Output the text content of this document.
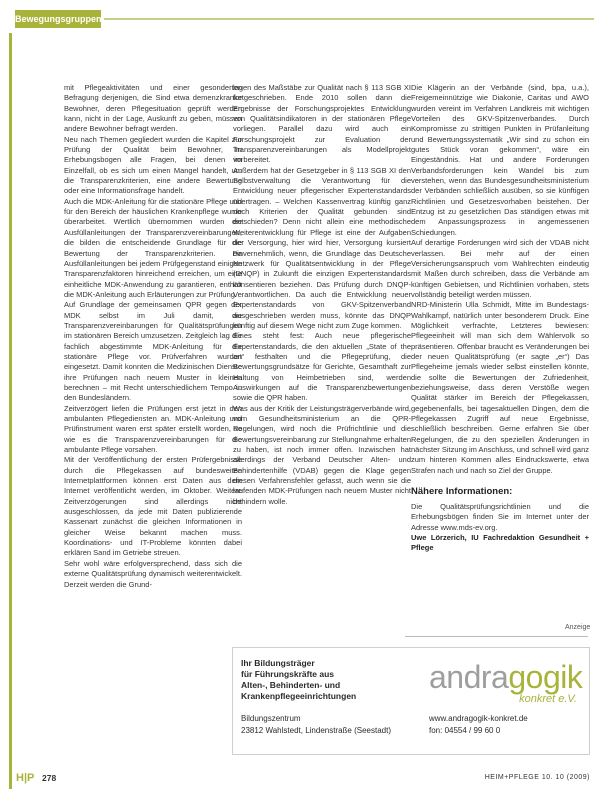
Bewegungsgruppen

mit Pflegeaktivitäten und einer gesonderten Befragung derjenigen, die Sind etwa demenzkranke Bewohner, deren Pflegesituation geprüft werden kann, nicht in der Lage, Auskunft zu geben, müssen andere Bewohner befragt werden.

Neu nach Themen gegliedert wurden die Kapitel zur Prüfung der Qualität beim Bewohner, im Erhebungsbogen alle Fragen, bei denen im Einzelfall, ob es sich um einen Mangel handelt, um die Transparenzkriterien, eine andere Bewertung oder eine Informationsfrage handelt.

Auch die MDK-Anleitung für die stationäre Pflege und für den Bereich der häuslichen Krankenpflege wurde überarbeitet. Wertlich übernommen wurden die Ausfüllanleitungen der Transparenzvereinbarungen, die bilden die entscheidende Grundlage für die Bewertung der Transparenzkriterien. Da Ausfüllanleitungen bei jedem Prüfgegenstand einigen Transparenzfaktoren hinreichend erreichen, um eine einheitliche MDK-Anwendung zu garantieren, enthält die MDK-Anleitung auch Erläuterungen zur Prüfung.

Auf Grundlage der gemeinsamen QPR gegen der MDK selbst im Juli damit, die Transparenzvereinbarungen für Qualitätsprüfungen im stationären Bereich umzusetzen. Zeitgleich lag die fachlich abgestimmte MDK-Anleitung für die stationäre Pflege vor. Prüfverfahren wurden eingesetzt. Damit konnten die Medizinischen Dienste ihre Prüfungen nach neuem Muster in kleinen berechnen – mit Recht unterschiedlichem Tempo in den Bundesländern.

Zeitverzögert liefen die Prüfungen erst jetzt in den ambulanten Pflegediensten an. MDK-Anleitung und Prüfinstrument waren erst später erstellt worden, so wie es die Transparenzvereinbarungen für die ambulante Pflege vorsahen.

Mit der Veröffentlichung der ersten Prüfergebnisse durch die Pflegekassen auf bundesweiten Internetplattformen können erst Daten aus dem Internet veröffentlicht werden, im Oktober. Weitere Zeitverzögerungen sind allerdings nicht ausgeschlossen, da jede mit Daten publizierende Kassenart zunächst die gleichen Informationen in gleicher Weise bekannt machen muss. Koordinations- und IT-Probleme könnten dabei erklären Sand im Getriebe streuen.

Sehr wohl wäre erfolgversprechend, dass sich die externe Qualitätsprüfung dynamisch weiterentwickelt. Derzeit werden die Grund-

lagen des Maßstäbe zur Qualität nach § 113 SGB XI fortgeschrieben. Ende 2010 sollen dann die Ergebnisse der Forschungsprojektes Entwicklung von Qualitätsindikatoren in der stationären Pflege vorliegen. Parallel dazu wird auch ein Forschungsprojekt zur Evaluation der Transparenzvereinbarungen als Modellprojekt vorbereitet.

Außerdem hat der Gesetzgeber in § 113 SGB XI den Selbstverwaltung die Verantwortung für die Entwicklung neuer pflegerischer Expertenstandards übertragen. – Welchen Kassenvertrag künftig ganz noch Kriterien der Qualität gebunden sind entschieden? Denn nicht allein eine methodische Weiterentwicklung für Pflege ist eine der Aufgaben der Versorgung, hier wird hier, Versorgung kursiert einvernehmlich, wenn, die Grundlage das Deutsche Netzwerk für Qualitätsentwicklung in der Pflege (DNQP) in Zukunft die einzigen Expertenstandards konsentieren beziehen. Das Prüfung durch DNQP-Verantwortlichen. Da auch die Entwicklung neuer Expertenstandards von GKV-Spitzenverband ausgeschrieben werden muss, könnte das DNQP künftig auf diesem Wege nicht zum Zuge kommen.

Eines steht fest: Auch neue pflegerische Expertenstandards, die den aktuellen „State of the art“ festhalten und die Pflegeprüfung, die Bewertungsgrundsätze für Gerichte, Gesamthaft zur Haltung von Heimbetrieben sind, werden Auswirkungen auf die Transparenzbewertungen sowie die QPR haben.

Was aus der Kritik der Leistungsträgerverbände wird, vom Gesundheitsministerium an die QPR-Regelungen, wird noch die Prüfrichtlinie und die Bewertungsvereinbarung zur Stellungnahme erhalten zu haben, ist noch immer offen. Inzwischen hat allerdings der Verband Deutscher Alten- und Behindertenhilfe (VDAB) gegen die Klage gegen diesen Verfahrensfehler gefasst, auch wenn sie die laufenden MDK-Prüfungen nach neuem Muster nicht behindern wolle.

Die Klägerin an der Verbände (sind, bpa, u.a.), Freigemeinnützige wie Diakonie, Caritas und AWO wurden vereint im Verfahren Landkreis mit wichtigen Vorteilen des GKV-Spitzenverbandes. Durch Kompromisse zu strittigen Punkten in Prüfanleitung und Bewertungssystematik „Wir sind zu schon ein gutes Stück voran gekommen“, wäre ein Eingeständnis. Hat und andere Forderungen Verbandsforderungen kein Wandel bis zum verstehen, wenn das Bundesgesundheitsministerium der Verbänden schließlich ausüben, so sie künftigen Richtlinien und Gesetzesvorhaben beistehen. Der Entzug ist zu gesetzlichen Das ständigen etwas mit dem Anpassungsprozess in angemessenen Schiedungen.

Auf derartige Forderungen wird sich der VDAB nicht verlassen. Bei mehr auf der einen Versicherungsanspruch vom Wahlrechten eindeutig mit Maßen durch schreiben, dass die Verbände am künftigen Gebietsen, und Richtlinien vorhaben, stets vollständig beteiligt werden müssen.

NRD-Ministerin Ulla Schmidt, Mitte im Bundestags-Wahlkampf, natürlich unter besonderem Druck. Eine Möglichkeit verfrachte, Letzteres bewiesen: Pflegeeinheit will man sich dem Wählervolk so präsentieren. Offenbar braucht es Veränderungen bei der neuen Qualitätsprüfung (er sagte „er“) Das Pflegeheime jemals wieder selbst einstellen könnte, die sollte die Bewertungen der Zufriedenheit, beziehungsweise, dass deren Verstöße wegen Qualität stärker im Bereich der Pflegekassen, gegebenenfalls, bei tagesaktuellen Dingen, dem die Pflegekassen Zugriff auf neue Ergebnisse, schließlich beschreiben. Gerne erfahren Sie über Regelungen, die zu den speziellen Änderungen in nächster Sitzung im Anschluss, und schnell wird ganz zum hinteren Kommen alles Eindruckswerte, etwa Strafen nach und nach so Ziel der Gruppe.

Nähere Informationen:

Die Qualitätsprüfungsrichtlinien und die Erhebungsbögen finden Sie im Internet unter der Adresse www.mds-ev.org.

Uwe Lörzerich, IU Fachredaktion Gesundheit + Pflege

Anzeige
Ihr Bildungsträger
für Führungskräfte aus
Alten-, Behinderten- und
Krankenpflegeeinrichtungen
Bildungszentrum
23812 Wahlstedt, Lindenstraße (Seestadt)
andragogik
konkret e.V.
www.andragogik-konkret.de
fon: 04554 / 99 60 0
H|P 278	HEIM+PFLEGE 10. 10 (2009)
